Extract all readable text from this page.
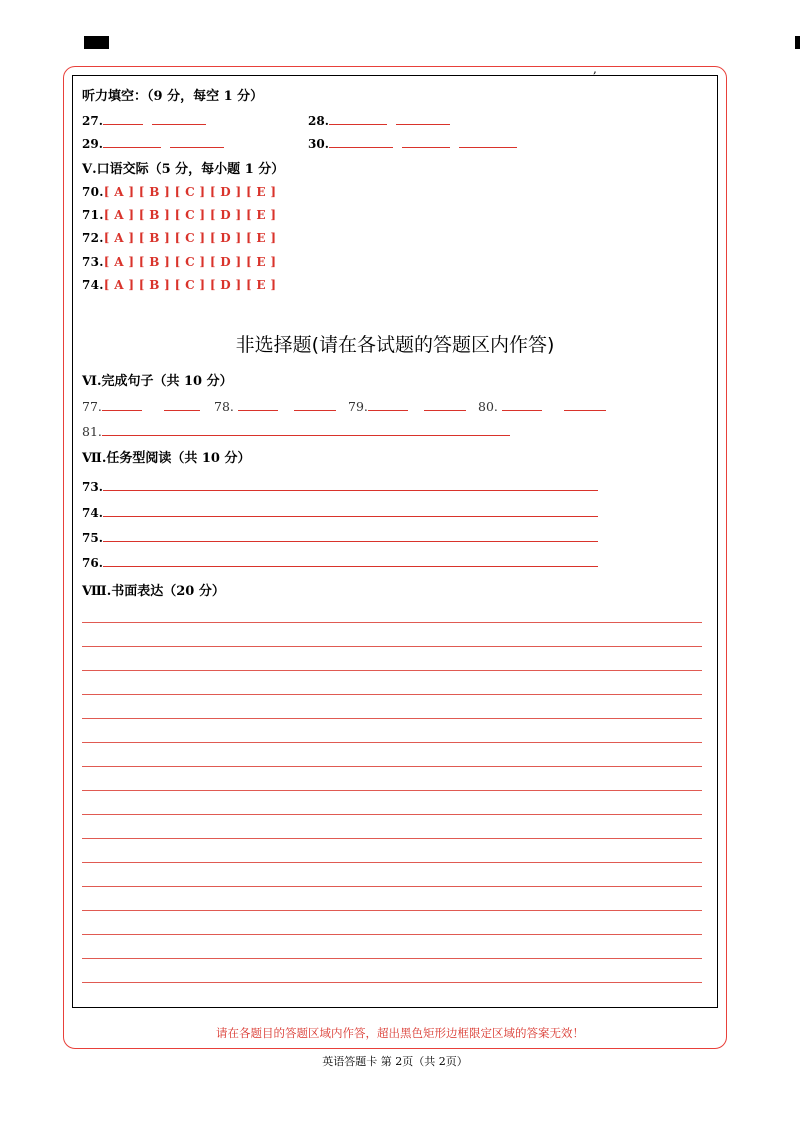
,
听力填空：（9 分，每空 1 分）
27.	28.
29.	30.
Ⅴ.口语交际（5 分，每小题 1 分）
70.[ A ] [ B ] [ C ] [ D ] [ E ]
71.[ A ] [ B ] [ C ] [ D ] [ E ]
72.[ A ] [ B ] [ C ] [ D ] [ E ]
73.[ A ] [ B ] [ C ] [ D ] [ E ]
74.[ A ] [ B ] [ C ] [ D ] [ E ]
非选择题(请在各试题的答题区内作答)
Ⅵ.完成句子（共 10 分）
77.	78.	79.	80.
81.
Ⅶ.任务型阅读（共 10 分）
73.
74.
75.
76.
Ⅷ.书面表达（20 分）
请在各题目的答题区域内作答，超出黑色矩形边框限定区域的答案无效！
英语答题卡 第 2页（共 2页）
